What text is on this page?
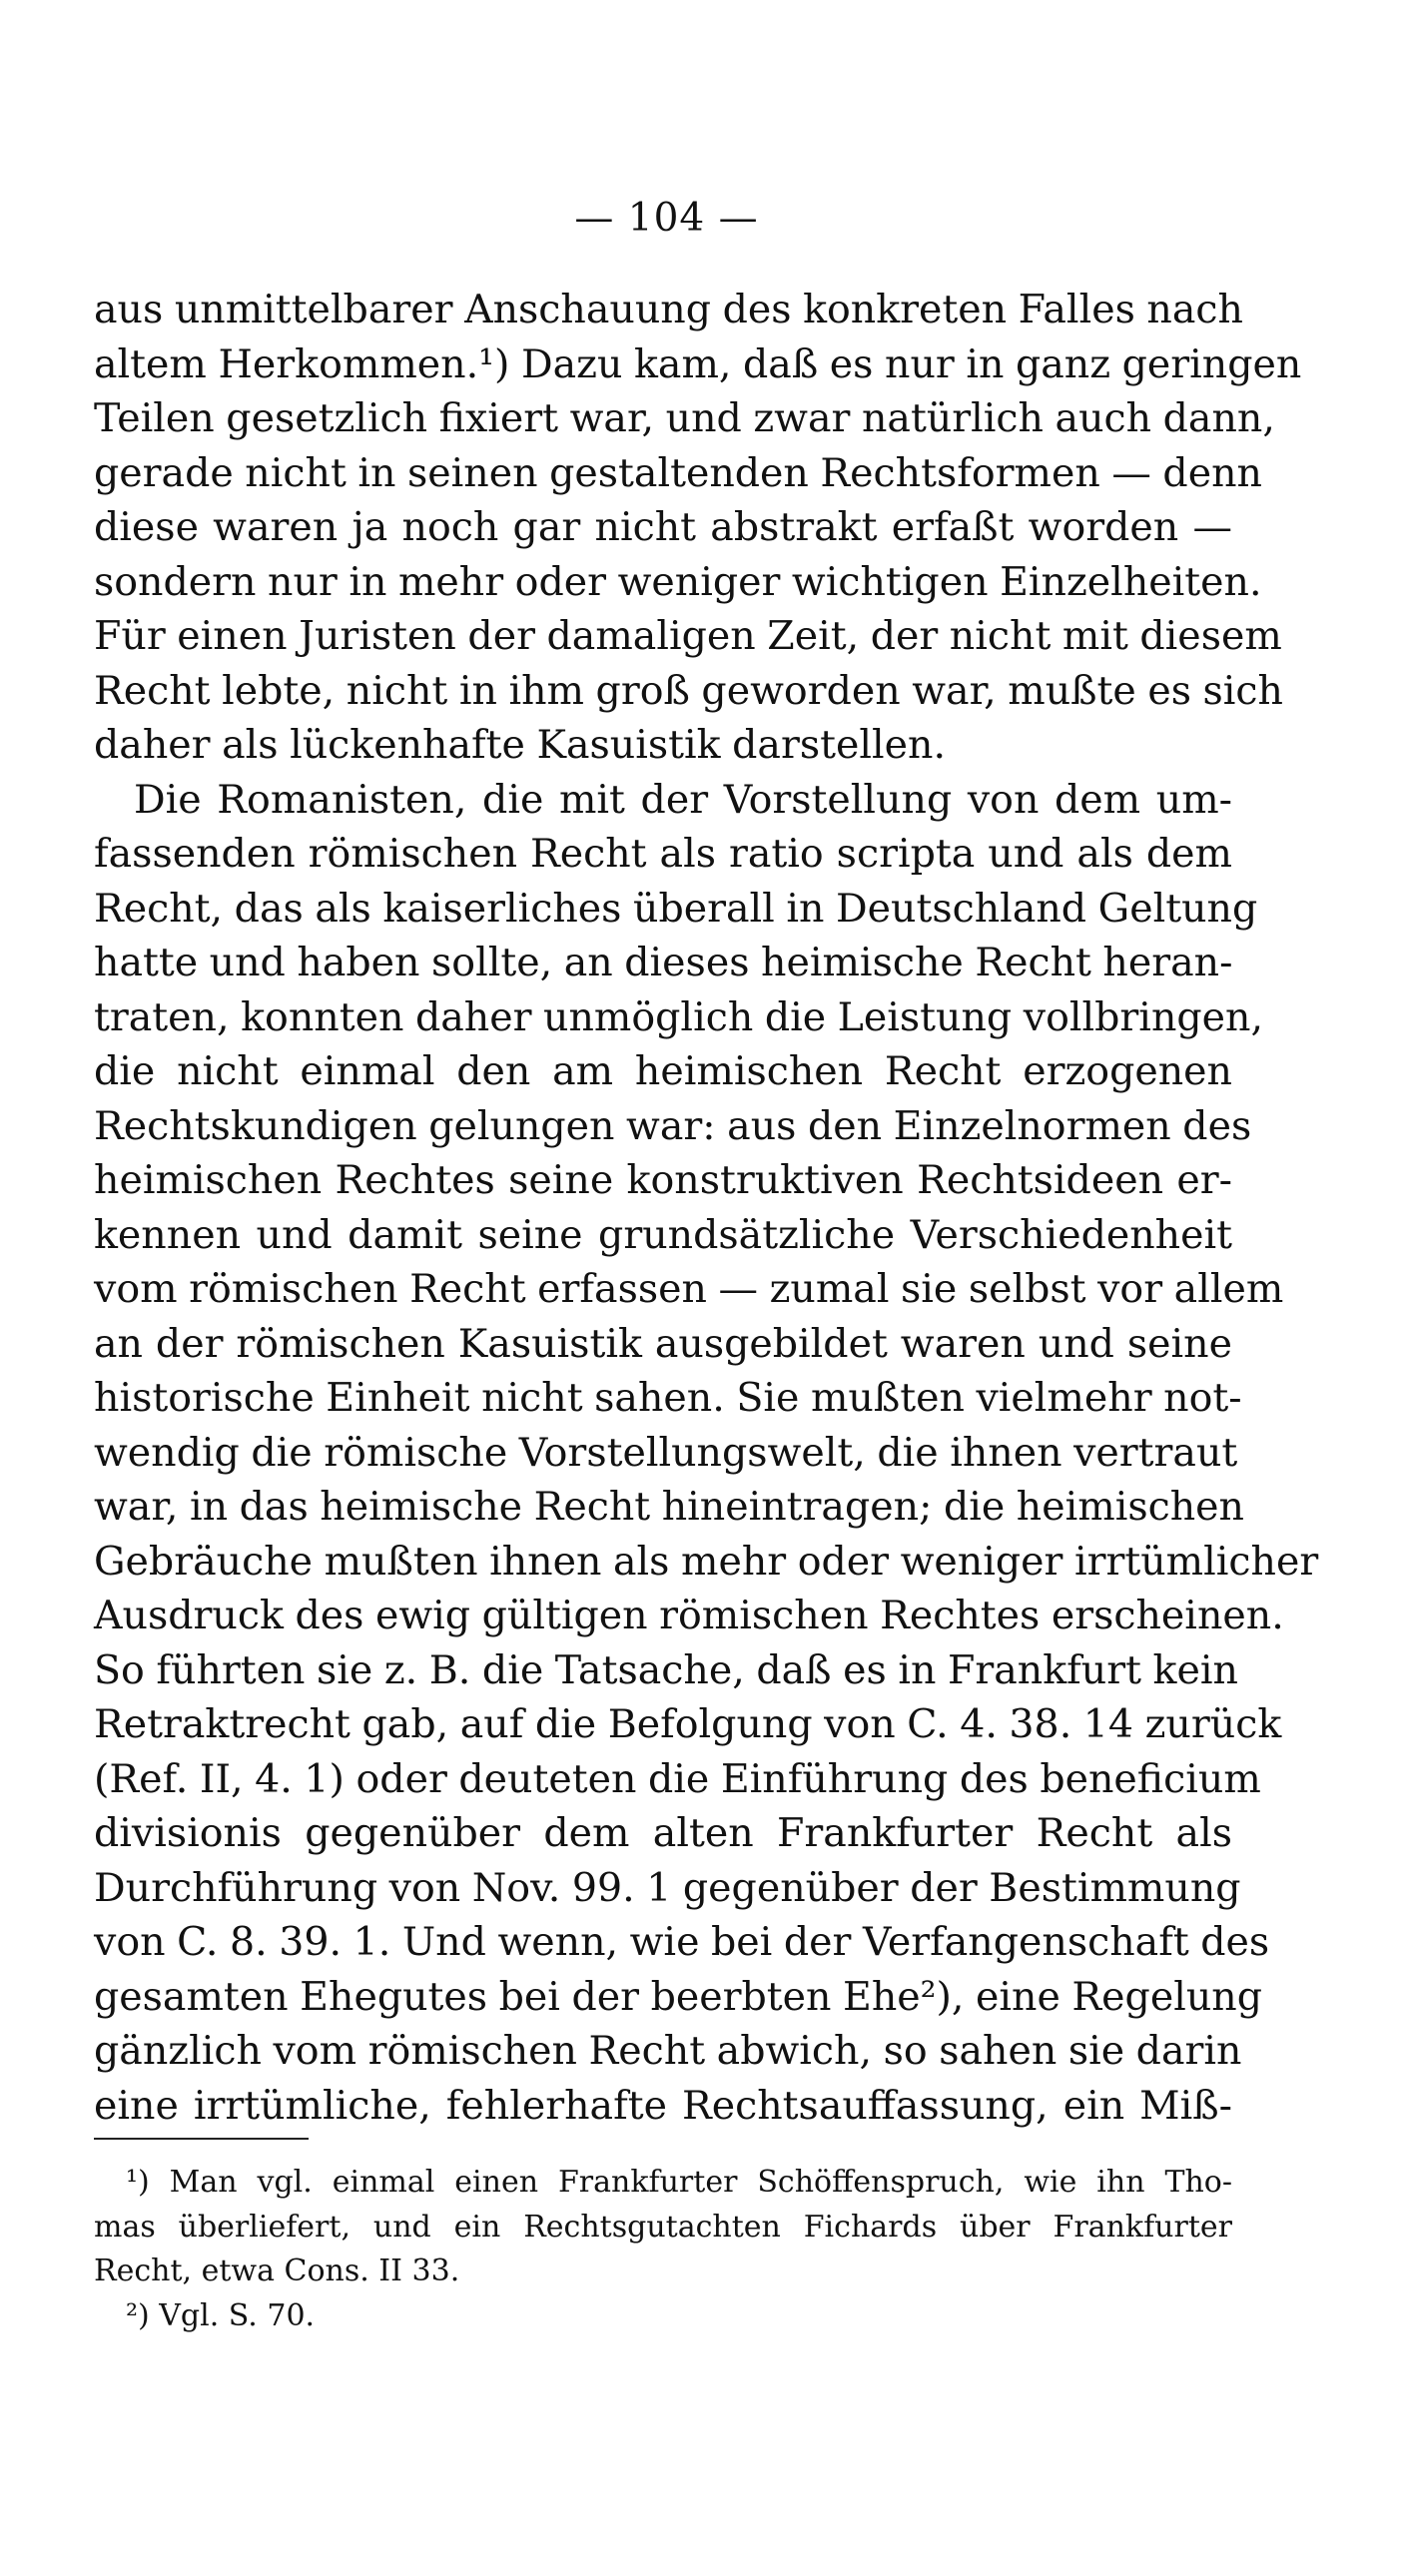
— 104 —
aus unmittelbarer Anschauung des konkreten Falles nach
altem Herkommen.¹) Dazu kam, daß es nur in ganz geringen
Teilen gesetzlich fixiert war, und zwar natürlich auch dann,
gerade nicht in seinen gestaltenden Rechtsformen — denn
diese waren ja noch gar nicht abstrakt erfaßt worden —
sondern nur in mehr oder weniger wichtigen Einzelheiten.
Für einen Juristen der damaligen Zeit, der nicht mit diesem
Recht lebte, nicht in ihm groß geworden war, mußte es sich
daher als lückenhafte Kasuistik darstellen.
Die Romanisten, die mit der Vorstellung von dem um-
fassenden römischen Recht als ratio scripta und als dem
Recht, das als kaiserliches überall in Deutschland Geltung
hatte und haben sollte, an dieses heimische Recht heran-
traten, konnten daher unmöglich die Leistung vollbringen,
die nicht einmal den am heimischen Recht erzogenen
Rechtskundigen gelungen war: aus den Einzelnormen des
heimischen Rechtes seine konstruktiven Rechtsideen er-
kennen und damit seine grundsätzliche Verschiedenheit
vom römischen Recht erfassen — zumal sie selbst vor allem
an der römischen Kasuistik ausgebildet waren und seine
historische Einheit nicht sahen. Sie mußten vielmehr not-
wendig die römische Vorstellungswelt, die ihnen vertraut
war, in das heimische Recht hineintragen; die heimischen
Gebräuche mußten ihnen als mehr oder weniger irrtümlicher
Ausdruck des ewig gültigen römischen Rechtes erscheinen.
So führten sie z. B. die Tatsache, daß es in Frankfurt kein
Retraktrecht gab, auf die Befolgung von C. 4. 38. 14 zurück
(Ref. II, 4. 1) oder deuteten die Einführung des beneficium
divisionis gegenüber dem alten Frankfurter Recht als
Durchführung von Nov. 99. 1 gegenüber der Bestimmung
von C. 8. 39. 1. Und wenn, wie bei der Verfangenschaft des
gesamten Ehegutes bei der beerbten Ehe²), eine Regelung
gänzlich vom römischen Recht abwich, so sahen sie darin
eine irrtümliche, fehlerhafte Rechtsauffassung, ein Miß-
¹) Man vgl. einmal einen Frankfurter Schöffenspruch, wie ihn Tho-
mas überliefert, und ein Rechtsgutachten Fichards über Frankfurter
Recht, etwa Cons. II 33.
²) Vgl. S. 70.
